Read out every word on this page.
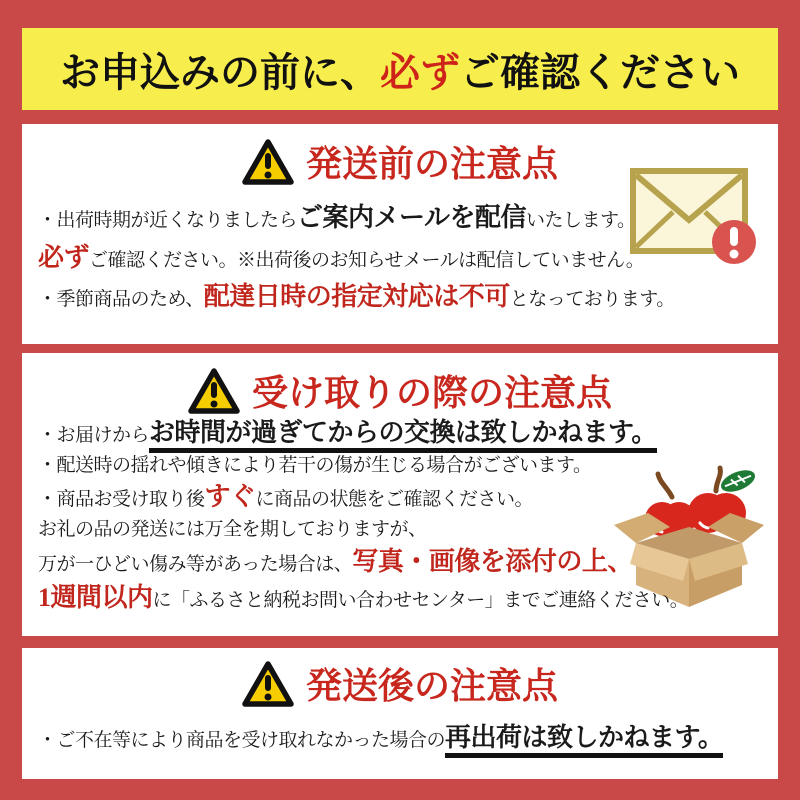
お申込みの前に、 必ず ご確認ください
発送前の注意点

・出荷時期が近くなりましたらご案内メールを配信いたします。

必ずご確認ください。※出荷後のお知らせメールは配信していません。

・季節商品のため、配達日時の指定対応は不可となっております。

受け取りの際の注意点

・お届けからお時間が過ぎてからの交換は致しかねます。

・配送時の揺れや傾きにより若干の傷が生じる場合がございます。

・商品お受け取り後すぐに商品の状態をご確認ください。

お礼の品の発送には万全を期しておりますが、

万が一ひどい傷み等があった場合は、写真・画像を添付の上、

1週間以内に「ふるさと納税お問い合わせセンター」までご連絡ください。

発送後の注意点

・ご不在等により商品を受け取れなかった場合の再出荷は致しかねます。
